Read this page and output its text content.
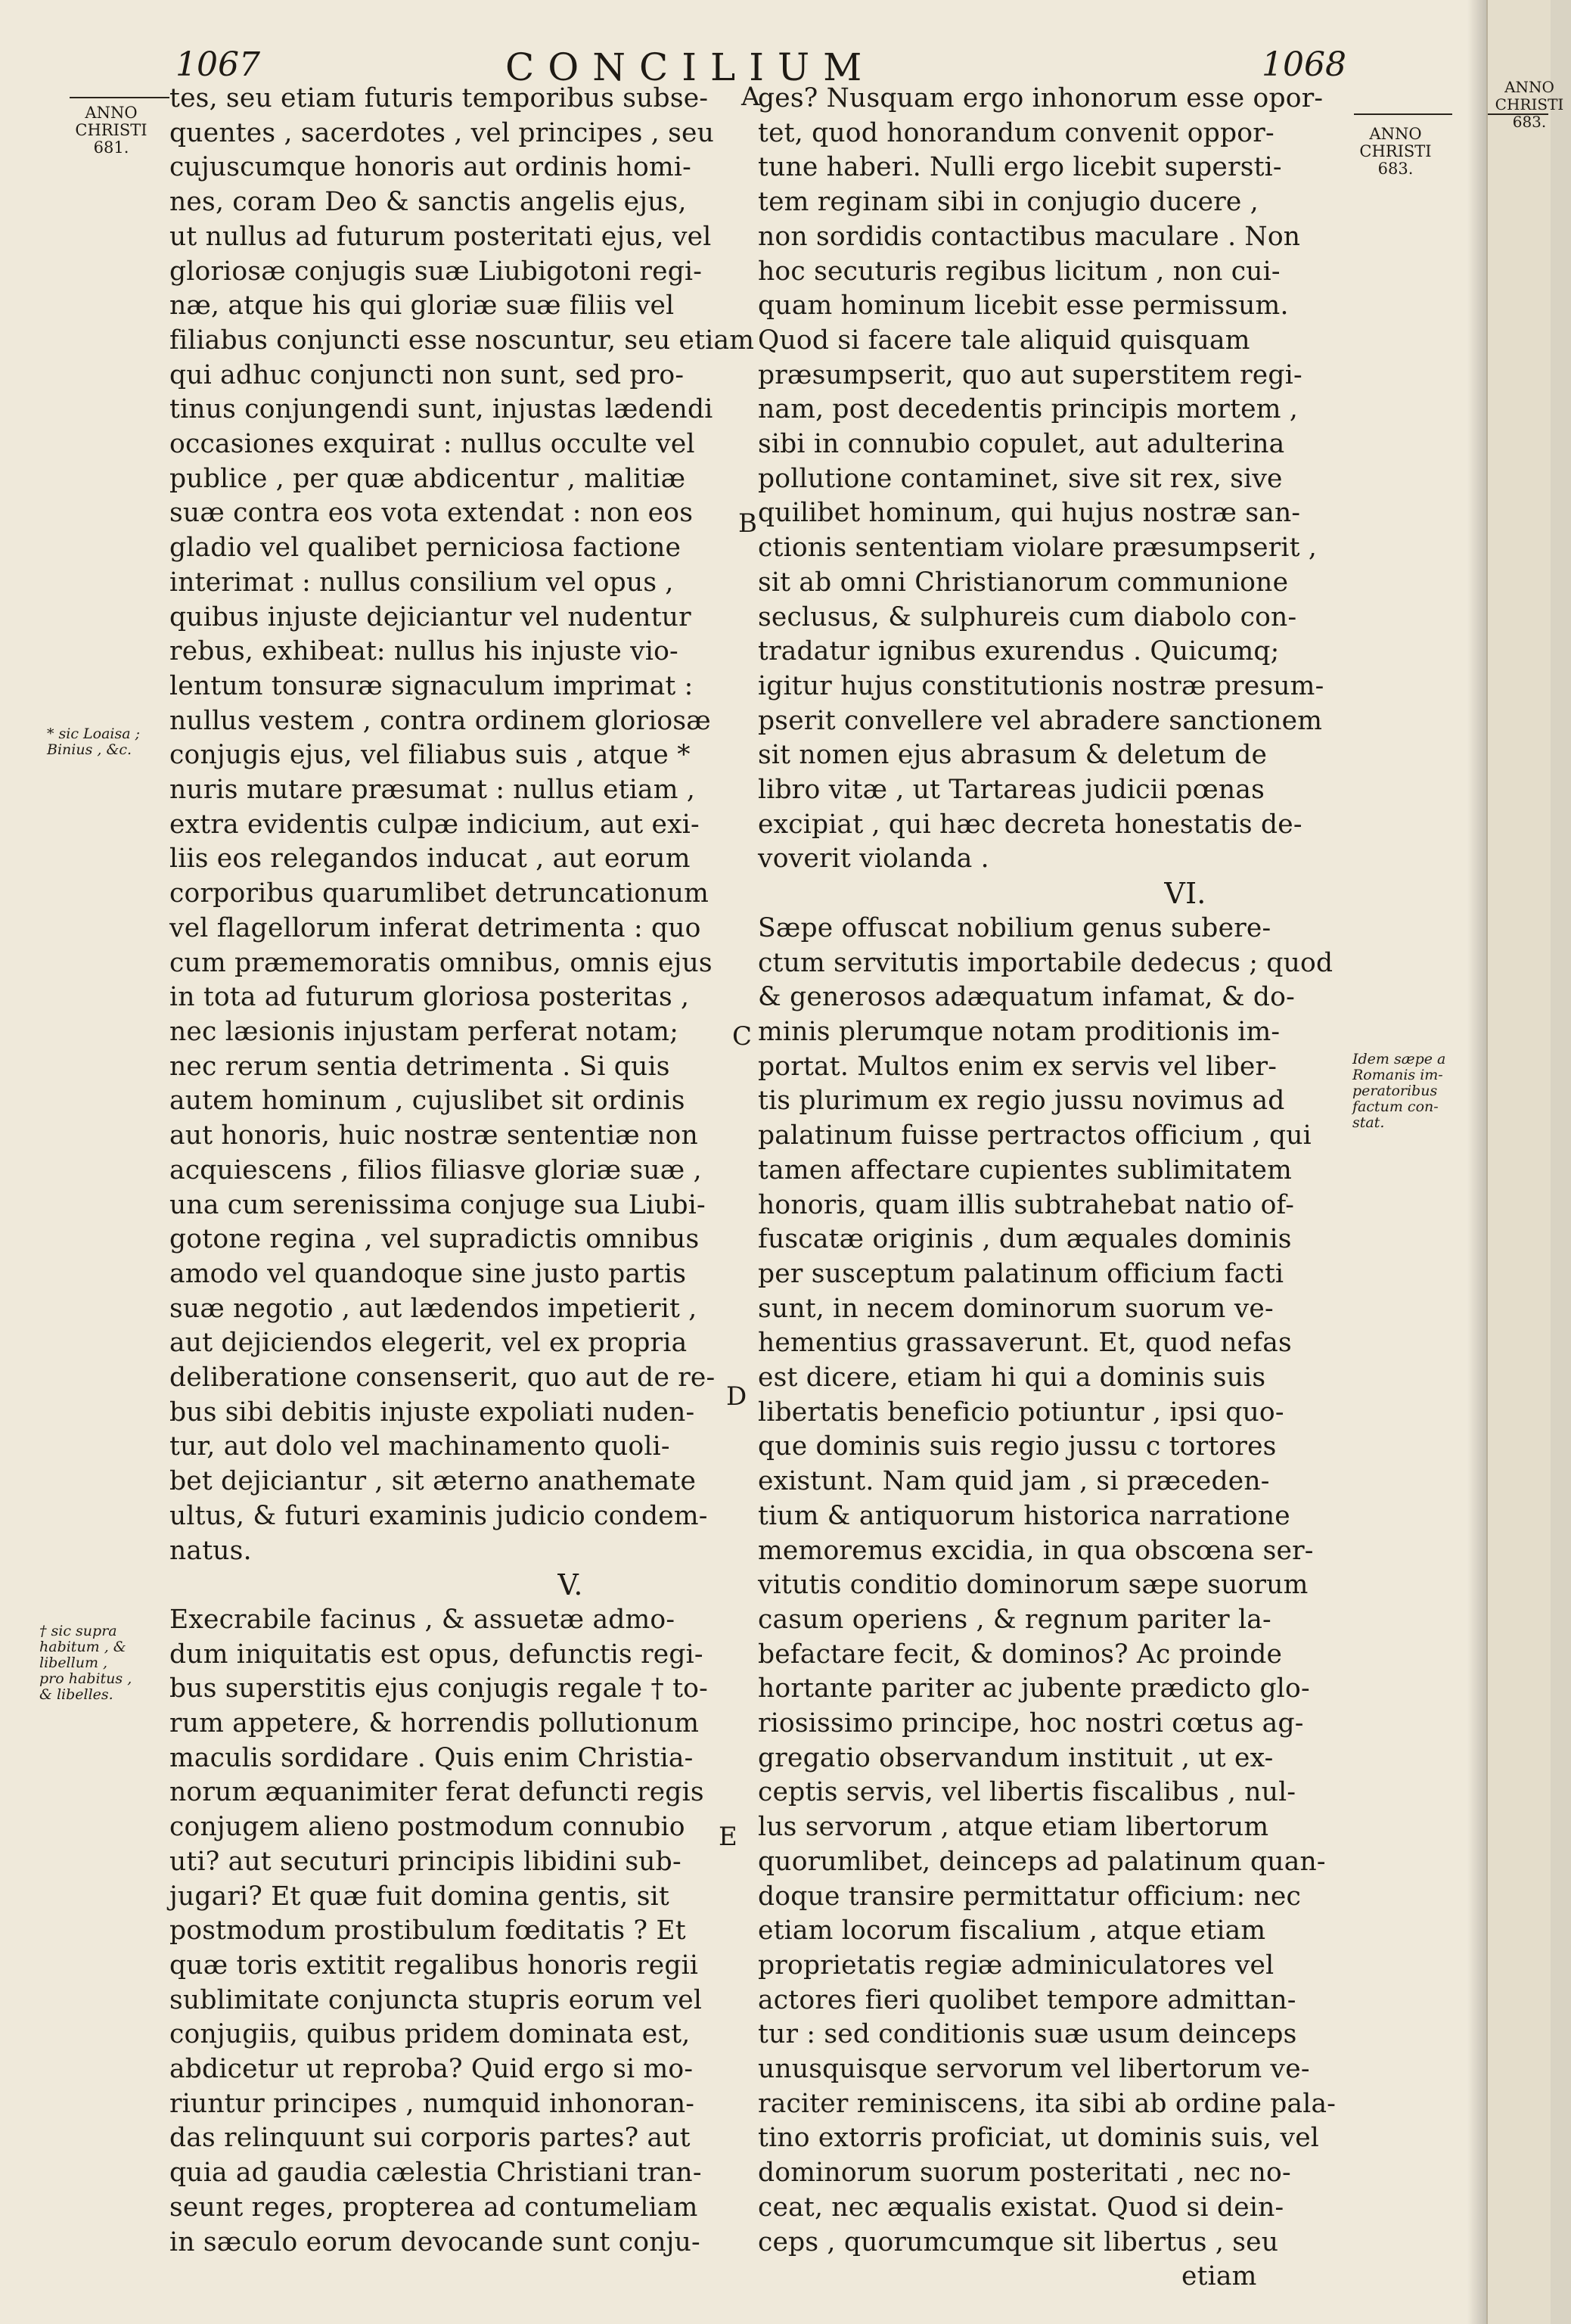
1067	CONCILIUM	1068
ANNO
CHRISTI
681.
ANNO
CHRISTI
683.
* sic Loaisa ;
Binius , &c.
† sic supra
habitum , &
libellum ,
pro habitus ,
& libelles.
Idem sæpe a
Romanis im-
peratoribus
factum con-
stat.
A
B
C
D
E
tes, seu etiam futuris temporibus subse-
quentes , sacerdotes , vel principes , seu
cujuscumque honoris aut ordinis homi-
nes, coram Deo & sanctis angelis ejus,
ut nullus ad futurum posteritati ejus, vel
gloriosæ conjugis suæ Liubigotoni regi-
næ, atque his qui gloriæ suæ filiis vel
filiabus conjuncti esse noscuntur, seu etiam
qui adhuc conjuncti non sunt, sed pro-
tinus conjungendi sunt, injustas lædendi
occasiones exquirat : nullus occulte vel
publice , per quæ abdicentur , malitiæ
suæ contra eos vota extendat : non eos
gladio vel qualibet perniciosa factione
interimat : nullus consilium vel opus ,
quibus injuste dejiciantur vel nudentur
rebus, exhibeat: nullus his injuste vio-
lentum tonsuræ signaculum imprimat :
nullus vestem , contra ordinem gloriosæ
conjugis ejus, vel filiabus suis , atque *
nuris mutare præsumat : nullus etiam ,
extra evidentis culpæ indicium, aut exi-
liis eos relegandos inducat , aut eorum
corporibus quarumlibet detruncationum
vel flagellorum inferat detrimenta : quo
cum præmemoratis omnibus, omnis ejus
in tota ad futurum gloriosa posteritas ,
nec læsionis injustam perferat notam;
nec rerum sentia detrimenta . Si quis
autem hominum , cujuslibet sit ordinis
aut honoris, huic nostræ sententiæ non
acquiescens , filios filiasve gloriæ suæ ,
una cum serenissima conjuge sua Liubi-
gotone regina , vel supradictis omnibus
amodo vel quandoque sine justo partis
suæ negotio , aut lædendos impetierit ,
aut dejiciendos elegerit, vel ex propria
deliberatione consenserit, quo aut de re-
bus sibi debitis injuste expoliati nuden-
tur, aut dolo vel machinamento quoli-
bet dejiciantur , sit æterno anathemate
ultus, & futuri examinis judicio condem-
natus.

V.
Execrabile facinus , & assuetæ admo-
dum iniquitatis est opus, defunctis regi-
bus superstitis ejus conjugis regale † to-
rum appetere, & horrendis pollutionum
maculis sordidare . Quis enim Christia-
norum æquanimiter ferat defuncti regis
conjugem alieno postmodum connubio
uti? aut secuturi principis libidini sub-
jugari? Et quæ fuit domina gentis, sit
postmodum prostibulum fœditatis ? Et
quæ toris extitit regalibus honoris regii
sublimitate conjuncta stupris eorum vel
conjugiis, quibus pridem dominata est,
abdicetur ut reproba? Quid ergo si mo-
riuntur principes , numquid inhonoran-
das relinquunt sui corporis partes? aut
quia ad gaudia cælestia Christiani tran-
seunt reges, propterea ad contumeliam
in sæculo eorum devocande sunt conju-
ges? Nusquam ergo inhonorum esse opor-
tet, quod honorandum convenit oppor-
tune haberi. Nulli ergo licebit supersti-
tem reginam sibi in conjugio ducere ,
non sordidis contactibus maculare . Non
hoc secuturis regibus licitum , non cui-
quam hominum licebit esse permissum.
Quod si facere tale aliquid quisquam
præsumpserit, quo aut superstitem regi-
nam, post decedentis principis mortem ,
sibi in connubio copulet, aut adulterina
pollutione contaminet, sive sit rex, sive
quilibet hominum, qui hujus nostræ san-
ctionis sententiam violare præsumpserit ,
sit ab omni Christianorum communione
seclusus, & sulphureis cum diabolo con-
tradatur ignibus exurendus . Quicumq;
igitur hujus constitutionis nostræ presum-
pserit convellere vel abradere sanctionem
sit nomen ejus abrasum & deletum de
libro vitæ , ut Tartareas judicii pœnas
excipiat , qui hæc decreta honestatis de-
voverit violanda .

VI.
Sæpe offuscat nobilium genus subere-
ctum servitutis importabile dedecus ; quod
& generosos adæquatum infamat, & do-
minis plerumque notam proditionis im-
portat. Multos enim ex servis vel liber-
tis plurimum ex regio jussu novimus ad
palatinum fuisse pertractos officium , qui
tamen affectare cupientes sublimitatem
honoris, quam illis subtrahebat natio of-
fuscatæ originis , dum æquales dominis
per susceptum palatinum officium facti
sunt, in necem dominorum suorum ve-
hementius grassaverunt. Et, quod nefas
est dicere, etiam hi qui a dominis suis
libertatis beneficio potiuntur , ipsi quo-
que dominis suis regio jussu c tortores
existunt. Nam quid jam , si præceden-
tium & antiquorum historica narratione
memoremus excidia, in qua obscœna ser-
vitutis conditio dominorum sæpe suorum
casum operiens , & regnum pariter la-
befactare fecit, & dominos? Ac proinde
hortante pariter ac jubente prædicto glo-
riosissimo principe, hoc nostri cœtus ag-
gregatio observandum instituit , ut ex-
ceptis servis, vel libertis fiscalibus , nul-
lus servorum , atque etiam libertorum
quorumlibet, deinceps ad palatinum quan-
doque transire permittatur officium: nec
etiam locorum fiscalium , atque etiam
proprietatis regiæ adminiculatores vel
actores fieri quolibet tempore admittan-
tur : sed conditionis suæ usum deinceps
unusquisque servorum vel libertorum ve-
raciter reminiscens, ita sibi ab ordine pala-
tino extorris proficiat, ut dominis suis, vel
dominorum suorum posteritati , nec no-
ceat, nec æqualis existat. Quod si dein-
ceps , quorumcumque sit libertus , seu
etiam
ANNO
CHRISTI
683.
